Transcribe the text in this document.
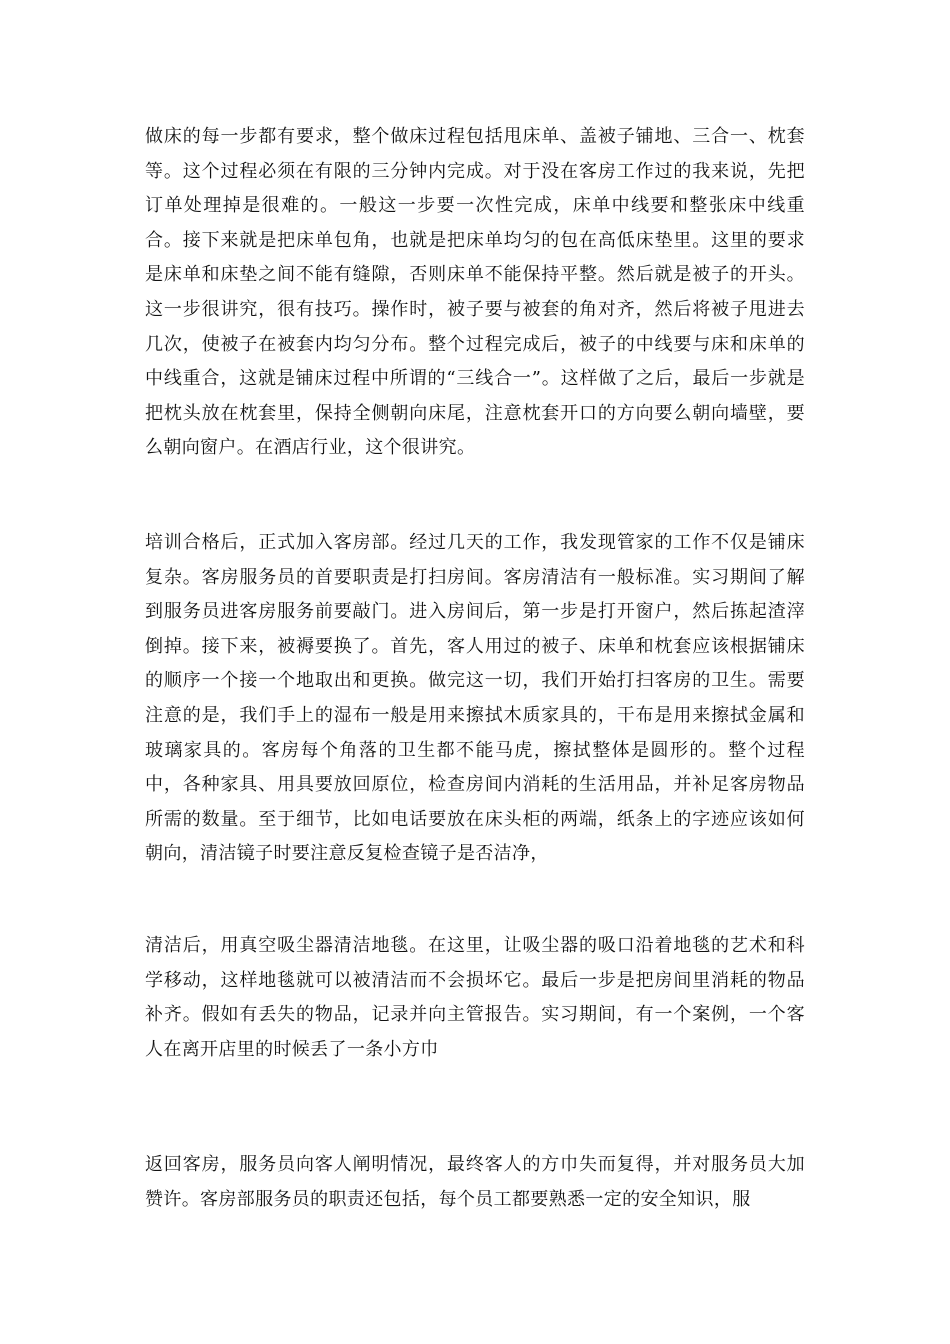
做床的每一步都有要求，整个做床过程包括甩床单、盖被子铺地、三合一、枕套等。这个过程必须在有限的三分钟内完成。对于没在客房工作过的我来说，先把订单处理掉是很难的。一般这一步要一次性完成，床单中线要和整张床中线重合。接下来就是把床单包角，也就是把床单均匀的包在高低床垫里。这里的要求是床单和床垫之间不能有缝隙，否则床单不能保持平整。然后就是被子的开头。这一步很讲究，很有技巧。操作时，被子要与被套的角对齐，然后将被子甩进去几次，使被子在被套内均匀分布。整个过程完成后，被子的中线要与床和床单的中线重合，这就是铺床过程中所谓的“三线合一”。这样做了之后，最后一步就是把枕头放在枕套里，保持全侧朝向床尾，注意枕套开口的方向要么朝向墙壁，要么朝向窗户。在酒店行业，这个很讲究。

培训合格后，正式加入客房部。经过几天的工作，我发现管家的工作不仅是铺床复杂。客房服务员的首要职责是打扫房间。客房清洁有一般标准。实习期间了解到服务员进客房服务前要敲门。进入房间后，第一步是打开窗户，然后拣起渣滓倒掉。接下来，被褥要换了。首先，客人用过的被子、床单和枕套应该根据铺床的顺序一个接一个地取出和更换。做完这一切，我们开始打扫客房的卫生。需要注意的是，我们手上的湿布一般是用来擦拭木质家具的，干布是用来擦拭金属和玻璃家具的。客房每个角落的卫生都不能马虎，擦拭整体是圆形的。整个过程中，各种家具、用具要放回原位，检查房间内消耗的生活用品，并补足客房物品所需的数量。至于细节，比如电话要放在床头柜的两端，纸条上的字迹应该如何朝向，清洁镜子时要注意反复检查镜子是否洁净，

清洁后，用真空吸尘器清洁地毯。在这里，让吸尘器的吸口沿着地毯的艺术和科学移动，这样地毯就可以被清洁而不会损坏它。最后一步是把房间里消耗的物品补齐。假如有丢失的物品，记录并向主管报告。实习期间，有一个案例，一个客人在离开店里的时候丢了一条小方巾

返回客房，服务员向客人阐明情况，最终客人的方巾失而复得，并对服务员大加赞许。客房部服务员的职责还包括，每个员工都要熟悉一定的安全知识，服
